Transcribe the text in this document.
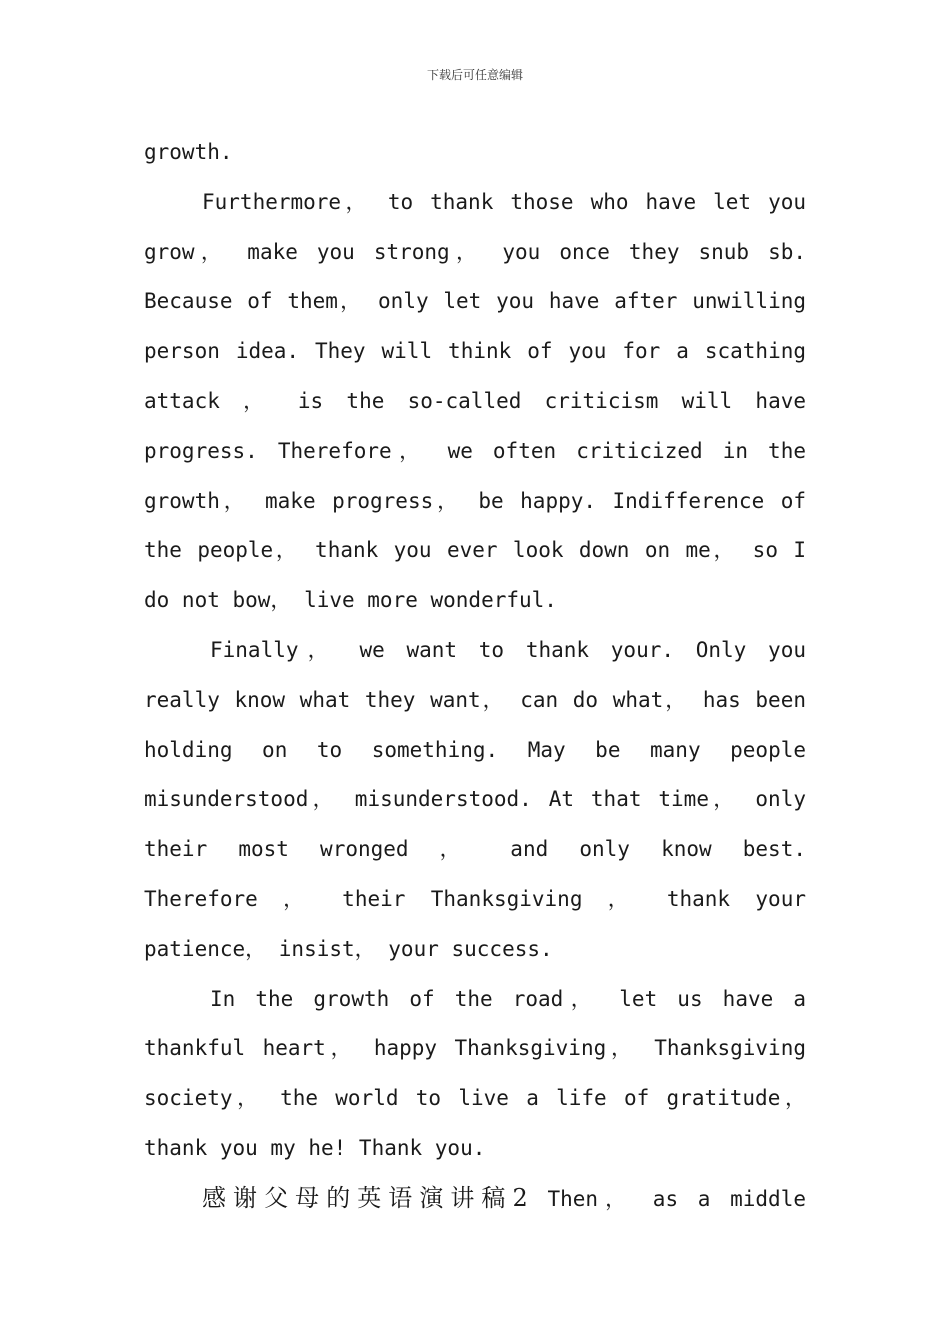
下载后可任意编辑
growth.
Furthermore， to thank those who have let you
grow， make you strong， you once they snub sb.
Because of them， only let you have after unwilling
person idea. They will think of you for a scathing
attack ， is the so-called criticism will have
progress. Therefore， we often criticized in the
growth， make progress， be happy. Indifference of
the people， thank you ever look down on me， so I
do not bow， live more wonderful.
Finally， we want to thank your. Only you
really know what they want， can do what， has been
holding on to something. May be many people
misunderstood， misunderstood. At that time， only
their most wronged ， and only know best.
Therefore ， their Thanksgiving ， thank your
patience， insist， your success.
In the growth of the road， let us have a
thankful heart， happy Thanksgiving， Thanksgiving
society， the world to live a life of gratitude，
thank you my he! Thank you.
感谢父母的英语演讲稿2 Then， as a middle
